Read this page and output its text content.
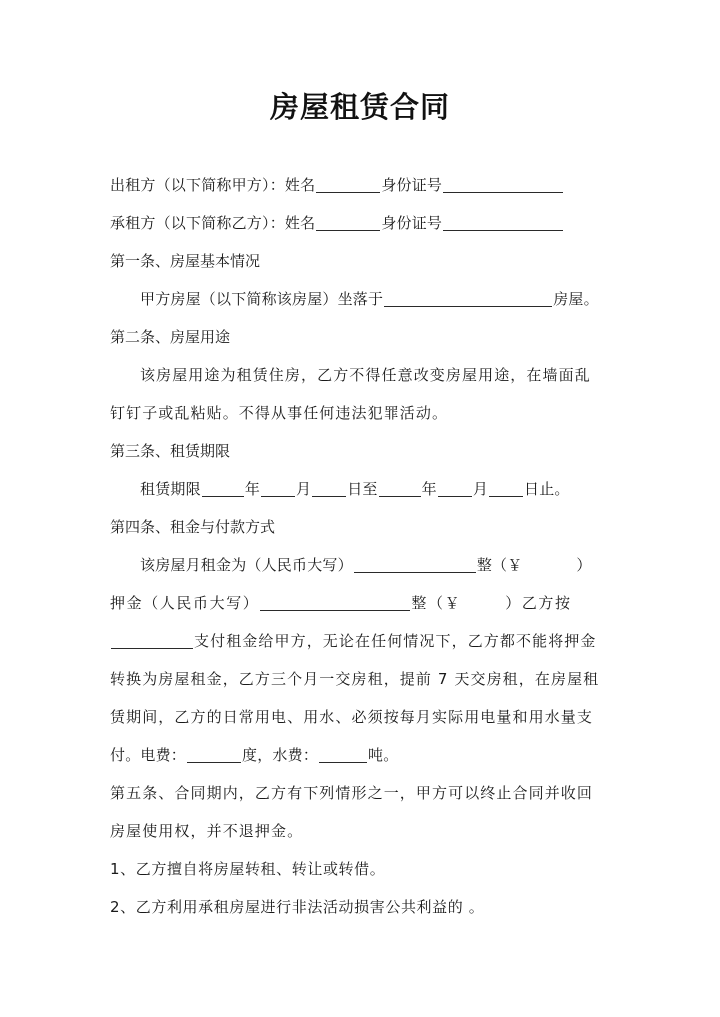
房屋租赁合同
出租方（以下简称甲方）：姓名	身份证号
承租方（以下简称乙方）：姓名	身份证号
第一条、房屋基本情况
甲方房屋（以下简称该房屋）坐落于	房屋。
第二条、房屋用途
该房屋用途为租赁住房，乙方不得任意改变房屋用途，在墙面乱
钉钉子或乱粘贴。不得从事任何违法犯罪活动。
第三条、租赁期限
租赁期限	年 月 日至	年 月 日止。
第四条、租金与付款方式
该房屋月租金为（人民币大写）	整（￥	）
押金（人民币大写）	整（￥	）乙方按
支付租金给甲方，无论在任何情况下，乙方都不能将押金
转换为房屋租金，乙方三个月一交房租，提前 7 天交房租，在房屋租
赁期间，乙方的日常用电、用水、必须按每月实际用电量和用水量支
付。电费：	度，水费：	吨。
第五条、合同期内，乙方有下列情形之一，甲方可以终止合同并收回
房屋使用权，并不退押金。
1、乙方擅自将房屋转租、转让或转借。
2、乙方利用承租房屋进行非法活动损害公共利益的 。
